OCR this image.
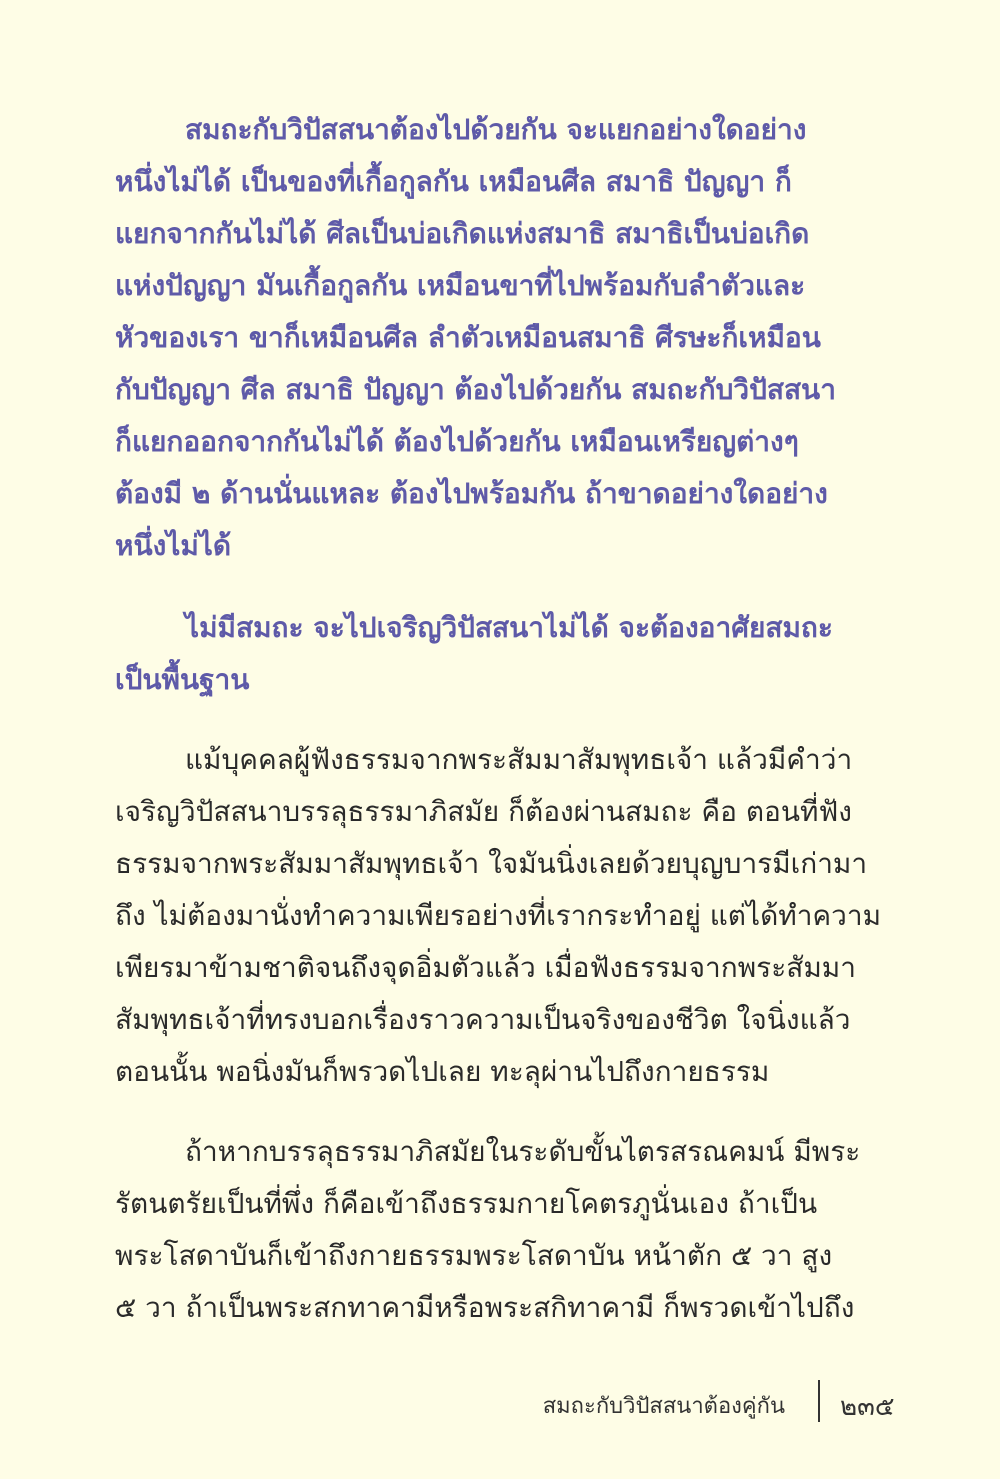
สมถะกับวิปัสสนาต้องไปด้วยกัน จะแยกอย่างใดอย่าง
หนึ่งไม่ได้ เป็นของที่เกื้อกูลกัน เหมือนศีล สมาธิ ปัญญา ก็
แยกจากกันไม่ได้ ศีลเป็นบ่อเกิดแห่งสมาธิ สมาธิเป็นบ่อเกิด
แห่งปัญญา มันเกื้อกูลกัน เหมือนขาที่ไปพร้อมกับลำตัวและ
หัวของเรา ขาก็เหมือนศีล ลำตัวเหมือนสมาธิ ศีรษะก็เหมือน
กับปัญญา ศีล สมาธิ ปัญญา ต้องไปด้วยกัน สมถะกับวิปัสสนา
ก็แยกออกจากกันไม่ได้ ต้องไปด้วยกัน เหมือนเหรียญต่างๆ
ต้องมี ๒ ด้านนั่นแหละ ต้องไปพร้อมกัน ถ้าขาดอย่างใดอย่าง
หนึ่งไม่ได้
ไม่มีสมถะ จะไปเจริญวิปัสสนาไม่ได้ จะต้องอาศัยสมถะ
เป็นพื้นฐาน
แม้บุคคลผู้ฟังธรรมจากพระสัมมาสัมพุทธเจ้า แล้วมีคำว่า
เจริญวิปัสสนาบรรลุธรรมาภิสมัย ก็ต้องผ่านสมถะ คือ ตอนที่ฟัง
ธรรมจากพระสัมมาสัมพุทธเจ้า ใจมันนิ่งเลยด้วยบุญบารมีเก่ามา
ถึง ไม่ต้องมานั่งทำความเพียรอย่างที่เรากระทำอยู่ แต่ได้ทำความ
เพียรมาข้ามชาติจนถึงจุดอิ่มตัวแล้ว เมื่อฟังธรรมจากพระสัมมา
สัมพุทธเจ้าที่ทรงบอกเรื่องราวความเป็นจริงของชีวิต ใจนิ่งแล้ว
ตอนนั้น พอนิ่งมันก็พรวดไปเลย ทะลุผ่านไปถึงกายธรรม
ถ้าหากบรรลุธรรมาภิสมัยในระดับขั้นไตรสรณคมน์ มีพระ
รัตนตรัยเป็นที่พึ่ง ก็คือเข้าถึงธรรมกายโคตรภูนั่นเอง ถ้าเป็น
พระโสดาบันก็เข้าถึงกายธรรมพระโสดาบัน หน้าตัก ๕ วา สูง
๕ วา ถ้าเป็นพระสกทาคามีหรือพระสกิทาคามี ก็พรวดเข้าไปถึง
สมถะกับวิปัสสนาต้องคู่กัน ๒๓๕
